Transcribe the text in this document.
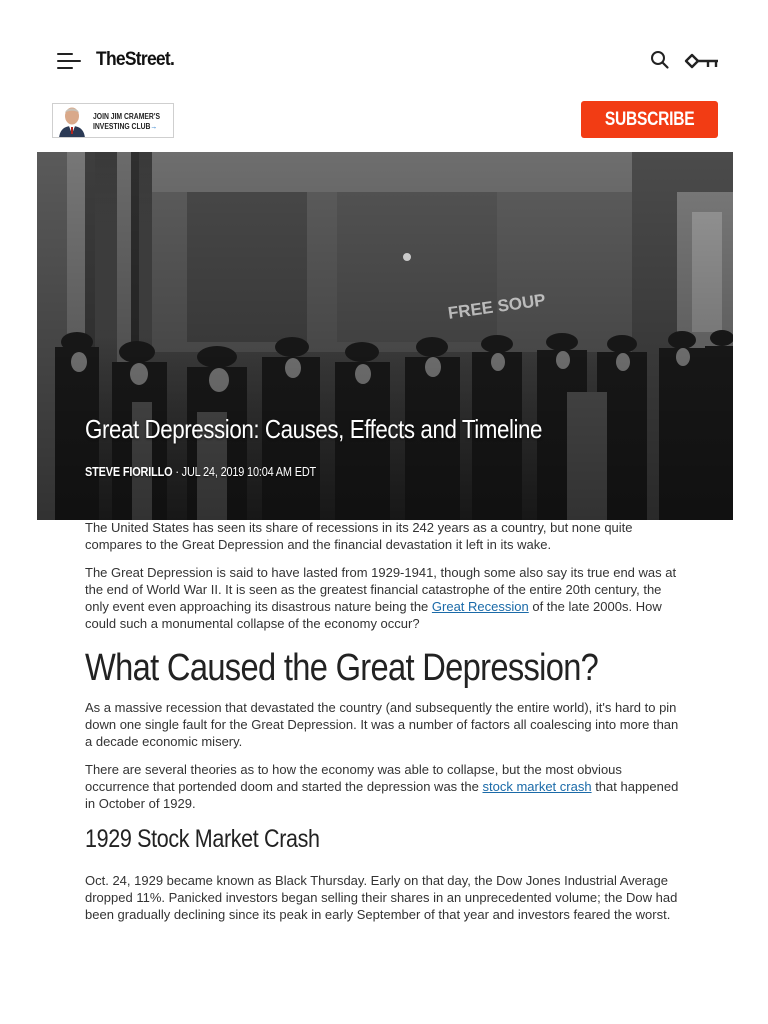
TheStreet.
JOIN JIM CRAMER'S
INVESTING CLUB→	SUBSCRIBE
Great Depression: Causes, Effects and Timeline
STEVE FIORILLO · JUL 24, 2019 10:04 AM EDT

The United States has seen its share of recessions in its 242 years as a country, but none quite compares to the Great Depression and the financial devastation it left in its wake.

The Great Depression is said to have lasted from 1929-1941, though some also say its true end was at the end of World War II. It is seen as the greatest financial catastrophe of the entire 20th century, the only event even approaching its disastrous nature being the Great Recession of the late 2000s. How could such a monumental collapse of the economy occur?

What Caused the Great Depression?

As a massive recession that devastated the country (and subsequently the entire world), it's hard to pin down one single fault for the Great Depression. It was a number of factors all coalescing into more than a decade economic misery.

There are several theories as to how the economy was able to collapse, but the most obvious occurrence that portended doom and started the depression was the stock market crash that happened in October of 1929.

1929 Stock Market Crash

Oct. 24, 1929 became known as Black Thursday. Early on that day, the Dow Jones Industrial Average dropped 11%. Panicked investors began selling their shares in an unprecedented volume; the Dow had been gradually declining since its peak in early September of that year and investors feared the worst.
